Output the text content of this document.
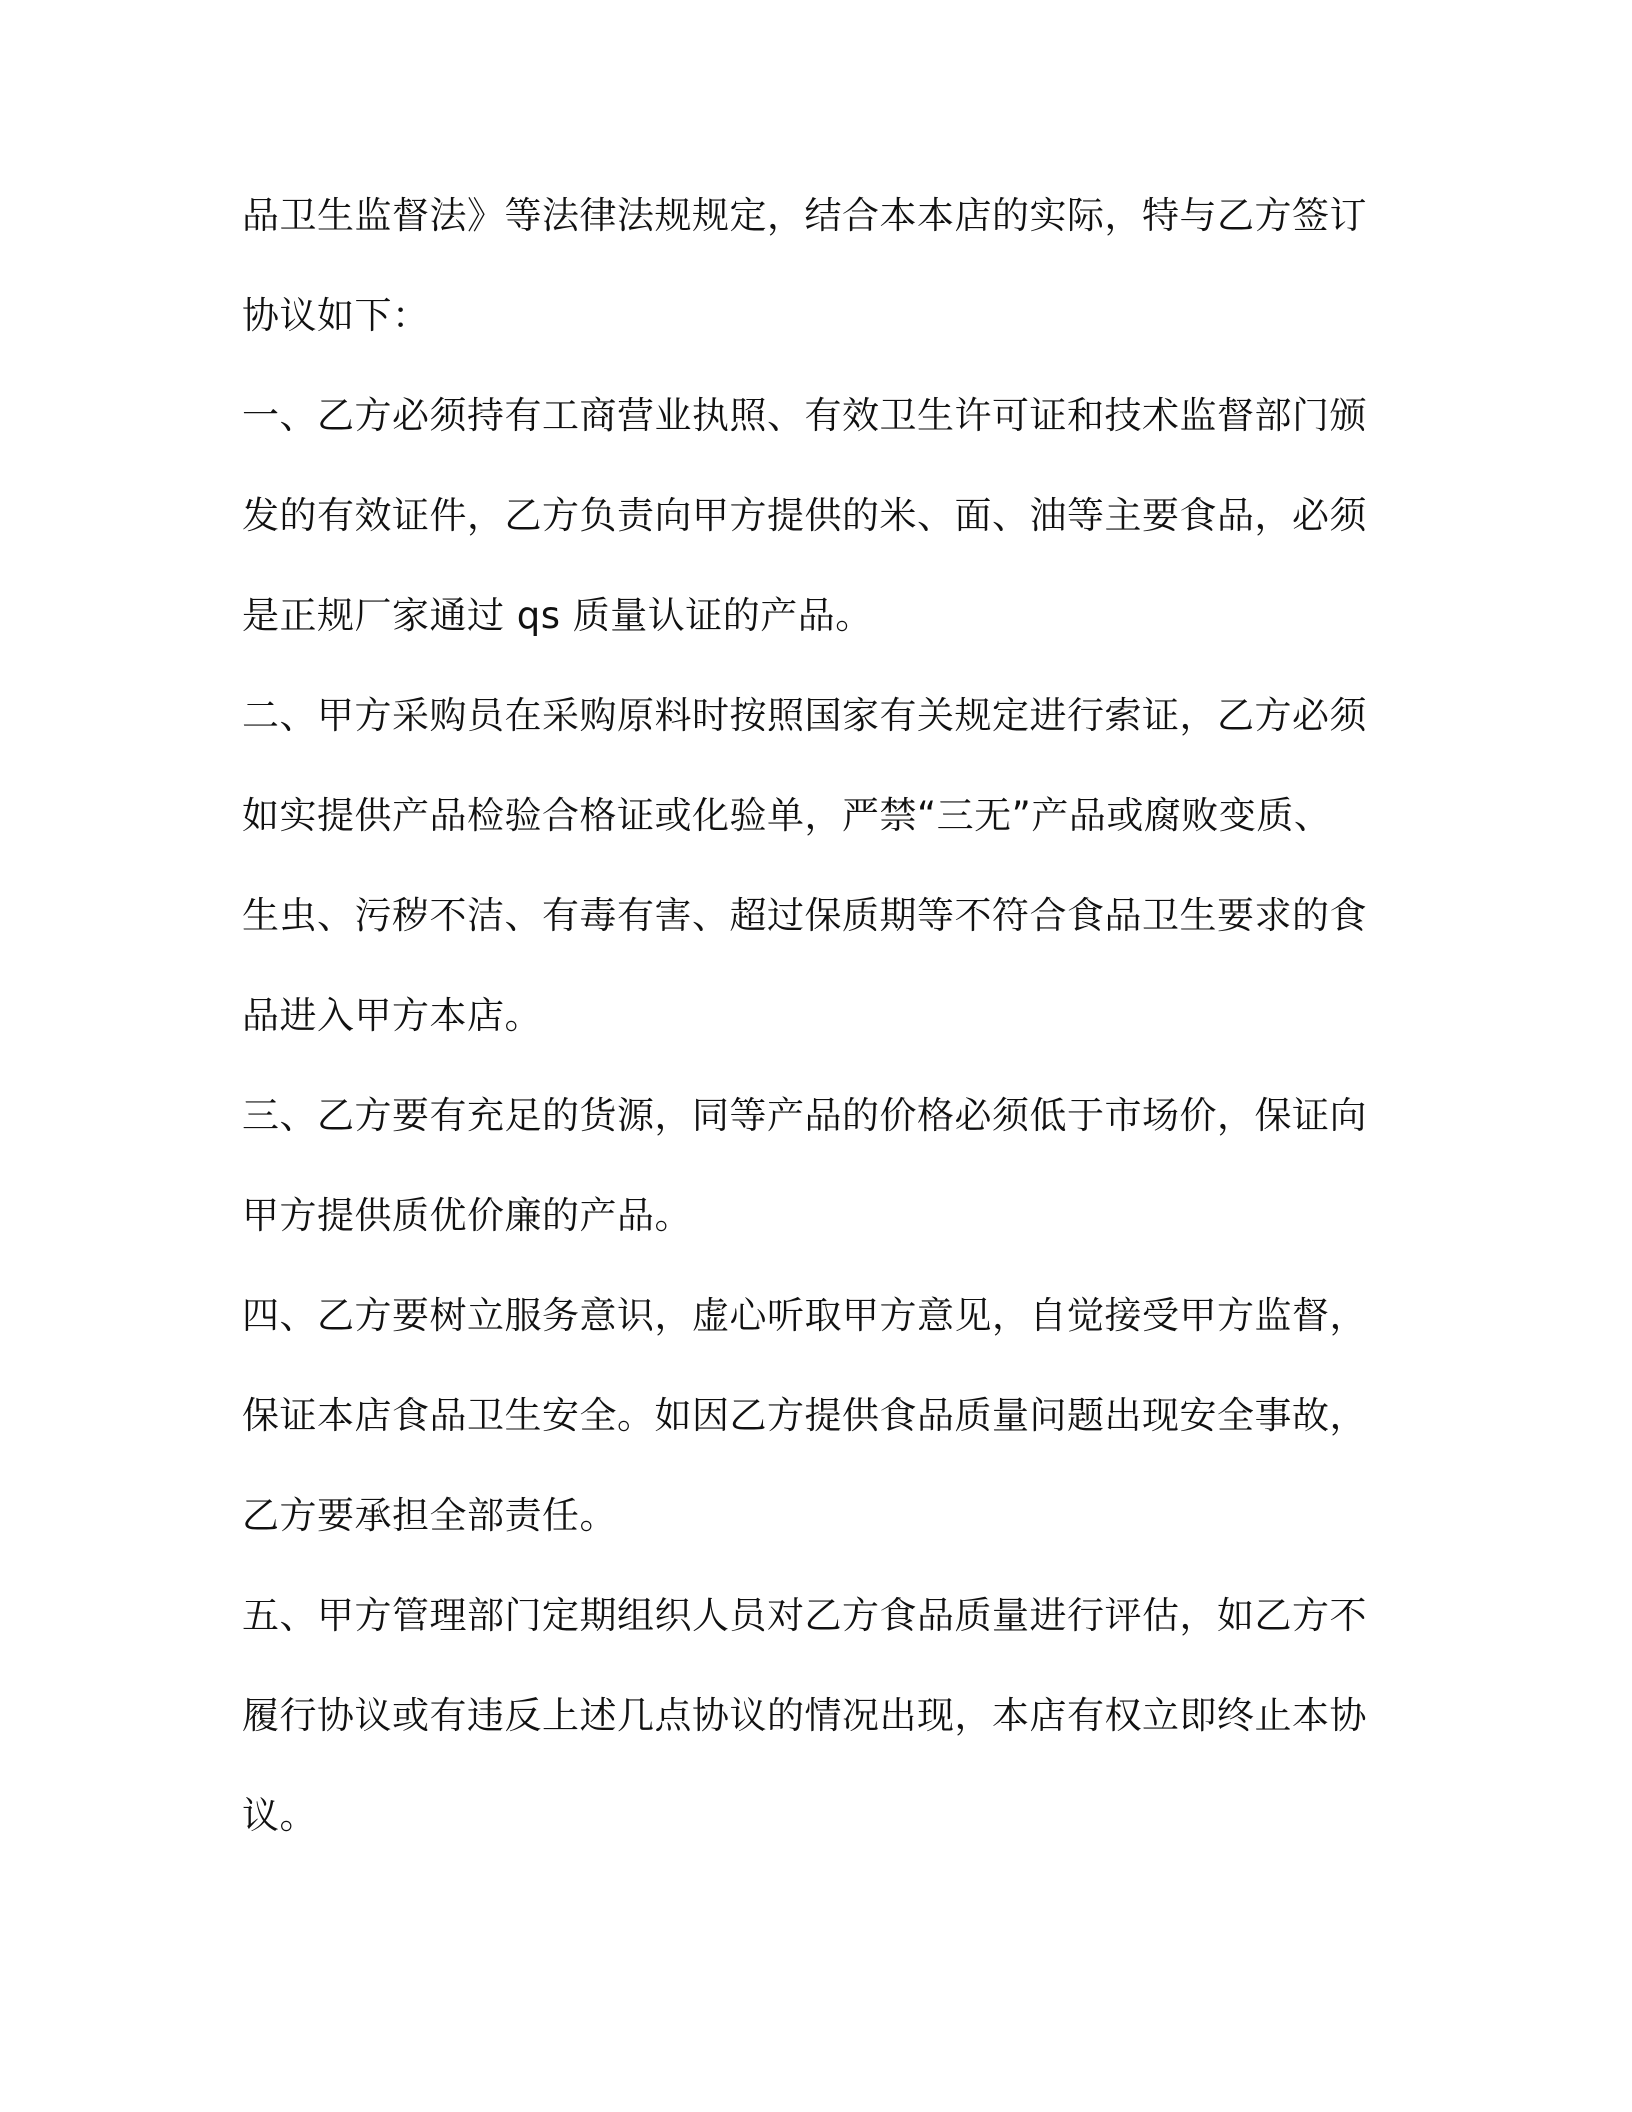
品卫生监督法》等法律法规规定，结合本本店的实际，特与乙方签订
协议如下：
一、乙方必须持有工商营业执照、有效卫生许可证和技术监督部门颁
发的有效证件，乙方负责向甲方提供的米、面、油等主要食品，必须
是正规厂家通过 qs 质量认证的产品。
二、甲方采购员在采购原料时按照国家有关规定进行索证，乙方必须
如实提供产品检验合格证或化验单，严禁“三无”产品或腐败变质、
生虫、污秽不洁、有毒有害、超过保质期等不符合食品卫生要求的食
品进入甲方本店。
三、乙方要有充足的货源，同等产品的价格必须低于市场价，保证向
甲方提供质优价廉的产品。
四、乙方要树立服务意识，虚心听取甲方意见，自觉接受甲方监督，
保证本店食品卫生安全。如因乙方提供食品质量问题出现安全事故，
乙方要承担全部责任。
五、甲方管理部门定期组织人员对乙方食品质量进行评估，如乙方不
履行协议或有违反上述几点协议的情况出现，本店有权立即终止本协
议。
